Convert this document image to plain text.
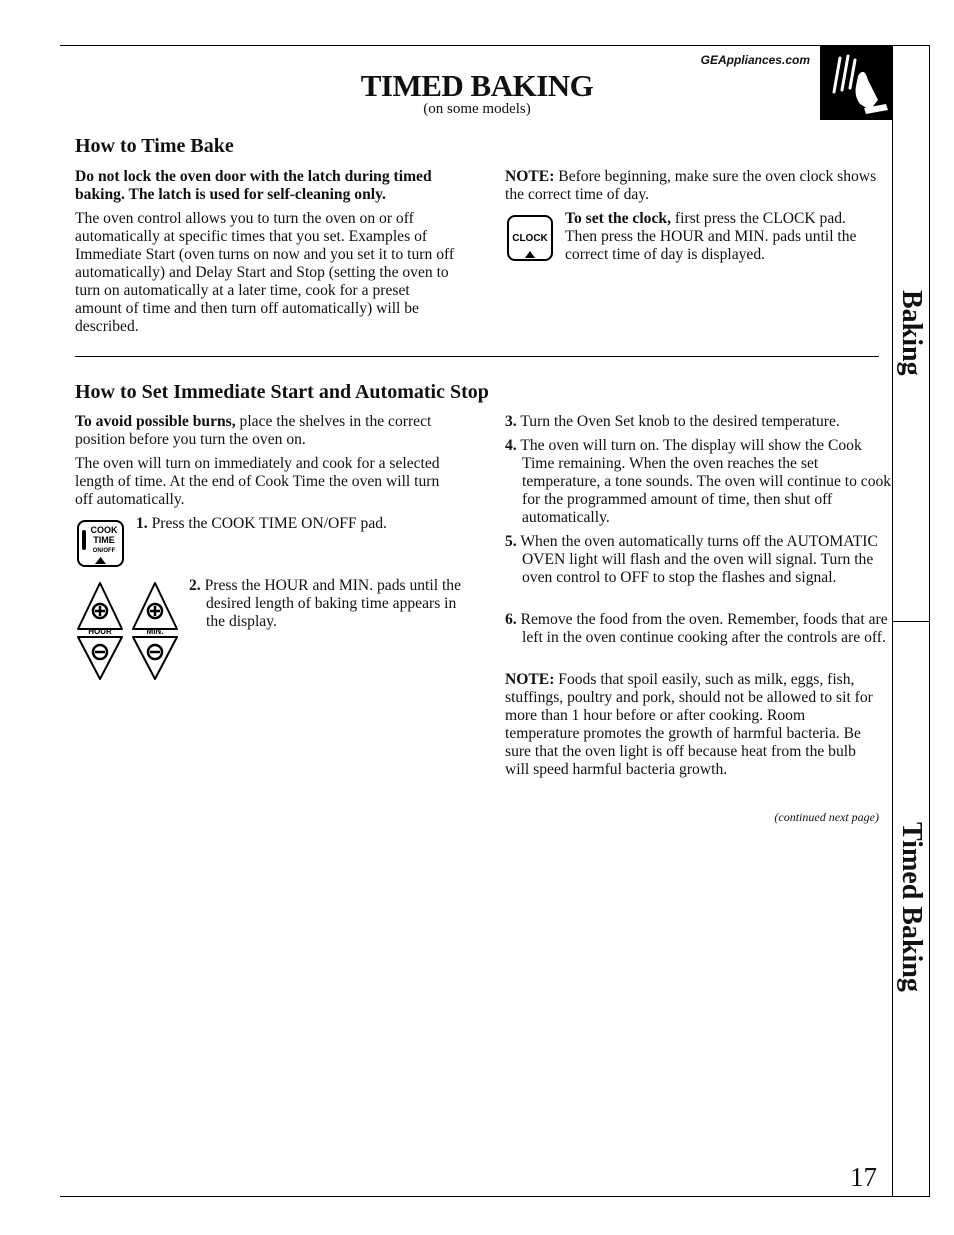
GEAppliances.com
TIMED BAKING
(on some models)
How to Time Bake

Do not lock the oven door with the latch during timed baking. The latch is used for self-cleaning only.

The oven control allows you to turn the oven on or off automatically at specific times that you set. Examples of Immediate Start (oven turns on now and you set it to turn off automatically) and Delay Start and Stop (setting the oven to turn on automatically at a later time, cook for a preset amount of time and then turn off automatically) will be described.

NOTE: Before beginning, make sure the oven clock shows the correct time of day.

CLOCK

To set the clock, first press the CLOCK pad. Then press the HOUR and MIN. pads until the correct time of day is displayed.

How to Set Immediate Start and Automatic Stop

To avoid possible burns, place the shelves in the correct position before you turn the oven on.

The oven will turn on immediately and cook for a selected length of time. At the end of Cook Time the oven will turn off automatically.

COOK
TIME
ON/OFF

1. Press the COOK TIME ON/OFF pad.

HOUR	MIN.

2. Press the HOUR and MIN. pads until the desired length of baking time appears in the display.

3. Turn the Oven Set knob to the desired temperature.

4. The oven will turn on. The display will show the Cook Time remaining. When the oven reaches the set temperature, a tone sounds. The oven will continue to cook for the programmed amount of time, then shut off automatically.

5. When the oven automatically turns off the AUTOMATIC OVEN light will flash and the oven will signal. Turn the oven control to OFF to stop the flashes and signal.

6. Remove the food from the oven. Remember, foods that are left in the oven continue cooking after the controls are off.

NOTE: Foods that spoil easily, such as milk, eggs, fish, stuffings, poultry and pork, should not be allowed to sit for more than 1 hour before or after cooking. Room temperature promotes the growth of harmful bacteria. Be sure that the oven light is off because heat from the bulb will speed harmful bacteria growth.

(continued next page)
Baking
Timed Baking
17
